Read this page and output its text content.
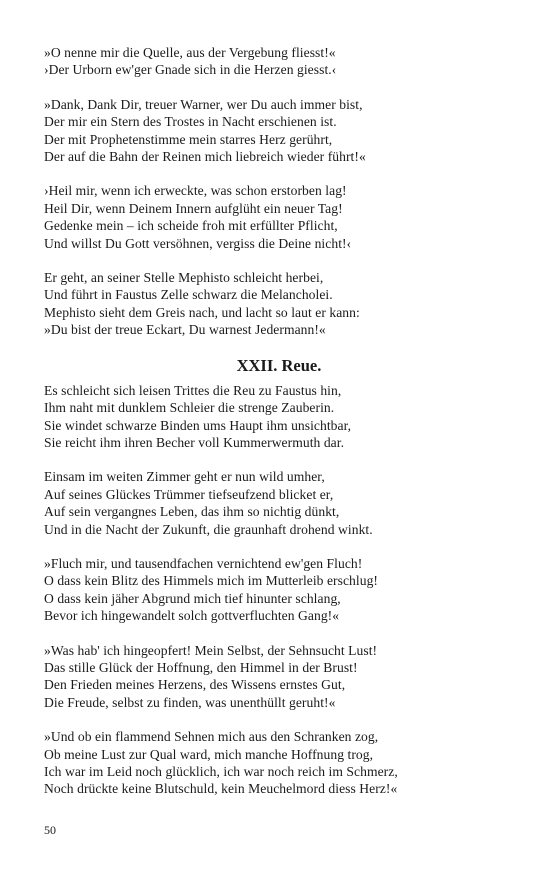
»O nenne mir die Quelle, aus der Vergebung fliesst!«
›Der Urborn ew'ger Gnade sich in die Herzen giesst.‹
»Dank, Dank Dir, treuer Warner, wer Du auch immer bist,
Der mir ein Stern des Trostes in Nacht erschienen ist.
Der mit Prophetenstimme mein starres Herz gerührt,
Der auf die Bahn der Reinen mich liebreich wieder führt!«
›Heil mir, wenn ich erweckte, was schon erstorben lag!
Heil Dir, wenn Deinem Innern aufglüht ein neuer Tag!
Gedenke mein – ich scheide froh mit erfüllter Pflicht,
Und willst Du Gott versöhnen, vergiss die Deine nicht!‹
Er geht, an seiner Stelle Mephisto schleicht herbei,
Und führt in Faustus Zelle schwarz die Melancholei.
Mephisto sieht dem Greis nach, und lacht so laut er kann:
»Du bist der treue Eckart, Du warnest Jedermann!«
XXII. Reue.
Es schleicht sich leisen Trittes die Reu zu Faustus hin,
Ihm naht mit dunklem Schleier die strenge Zauberin.
Sie windet schwarze Binden ums Haupt ihm unsichtbar,
Sie reicht ihm ihren Becher voll Kummerwermuth dar.
Einsam im weiten Zimmer geht er nun wild umher,
Auf seines Glückes Trümmer tiefseufzend blicket er,
Auf sein vergangnes Leben, das ihm so nichtig dünkt,
Und in die Nacht der Zukunft, die graunhaft drohend winkt.
»Fluch mir, und tausendfachen vernichtend ew'gen Fluch!
O dass kein Blitz des Himmels mich im Mutterleib erschlug!
O dass kein jäher Abgrund mich tief hinunter schlang,
Bevor ich hingewandelt solch gottverfluchten Gang!«
»Was hab' ich hingeopfert! Mein Selbst, der Sehnsucht Lust!
Das stille Glück der Hoffnung, den Himmel in der Brust!
Den Frieden meines Herzens, des Wissens ernstes Gut,
Die Freude, selbst zu finden, was unenthüllt geruht!«
»Und ob ein flammend Sehnen mich aus den Schranken zog,
Ob meine Lust zur Qual ward, mich manche Hoffnung trog,
Ich war im Leid noch glücklich, ich war noch reich im Schmerz,
Noch drückte keine Blutschuld, kein Meuchelmord diess Herz!«
50
